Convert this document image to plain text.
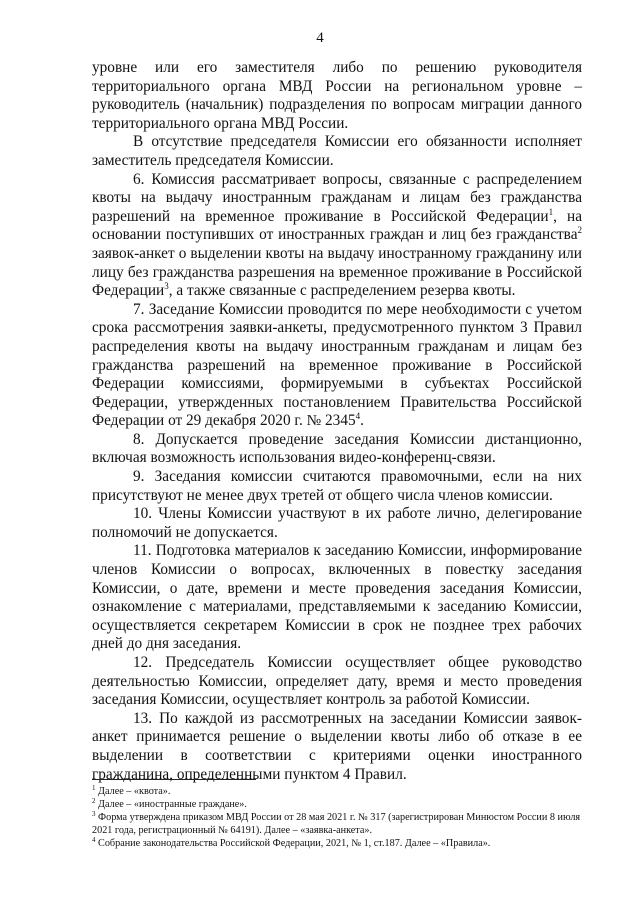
4

уровне или его заместителя либо по решению руководителя территориального органа МВД России на региональном уровне – руководитель (начальник) подразделения по вопросам миграции данного территориального органа МВД России.

В отсутствие председателя Комиссии его обязанности исполняет заместитель председателя Комиссии.

6. Комиссия рассматривает вопросы, связанные с распределением квоты на выдачу иностранным гражданам и лицам без гражданства разрешений на временное проживание в Российской Федерации$^1$, на основании поступивших от иностранных граждан и лиц без гражданства$^2$ заявок-анкет о выделении квоты на выдачу иностранному гражданину или лицу без гражданства разрешения на временное проживание в Российской Федерации$^3$, а также связанные с распределением резерва квоты.

7. Заседание Комиссии проводится по мере необходимости с учетом срока рассмотрения заявки-анкеты, предусмотренного пунктом 3 Правил распределения квоты на выдачу иностранным гражданам и лицам без гражданства разрешений на временное проживание в Российской Федерации комиссиями, формируемыми в субъектах Российской Федерации, утвержденных постановлением Правительства Российской Федерации от 29 декабря 2020 г. № 2345$^4$.

8. Допускается проведение заседания Комиссии дистанционно, включая возможность использования видео-конференц-связи.

9. Заседания комиссии считаются правомочными, если на них присутствуют не менее двух третей от общего числа членов комиссии.

10. Члены Комиссии участвуют в их работе лично, делегирование полномочий не допускается.

11. Подготовка материалов к заседанию Комиссии, информирование членов Комиссии о вопросах, включенных в повестку заседания Комиссии, о дате, времени и месте проведения заседания Комиссии, ознакомление с материалами, представляемыми к заседанию Комиссии, осуществляется секретарем Комиссии в срок не позднее трех рабочих дней до дня заседания.

12. Председатель Комиссии осуществляет общее руководство деятельностью Комиссии, определяет дату, время и место проведения заседания Комиссии, осуществляет контроль за работой Комиссии.

13. По каждой из рассмотренных на заседании Комиссии заявок-анкет принимается решение о выделении квоты либо об отказе в ее выделении в соответствии с критериями оценки иностранного гражданина, определенными пунктом 4 Правил.

$^1$ Далее – «квота».

$^2$ Далее – «иностранные граждане».

$^3$ Форма утверждена приказом МВД России от 28 мая 2021 г. № 317 (зарегистрирован Минюстом России 8 июля 2021 года, регистрационный № 64191). Далее – «заявка-анкета».

$^4$ Собрание законодательства Российской Федерации, 2021, № 1, ст.187. Далее – «Правила».
